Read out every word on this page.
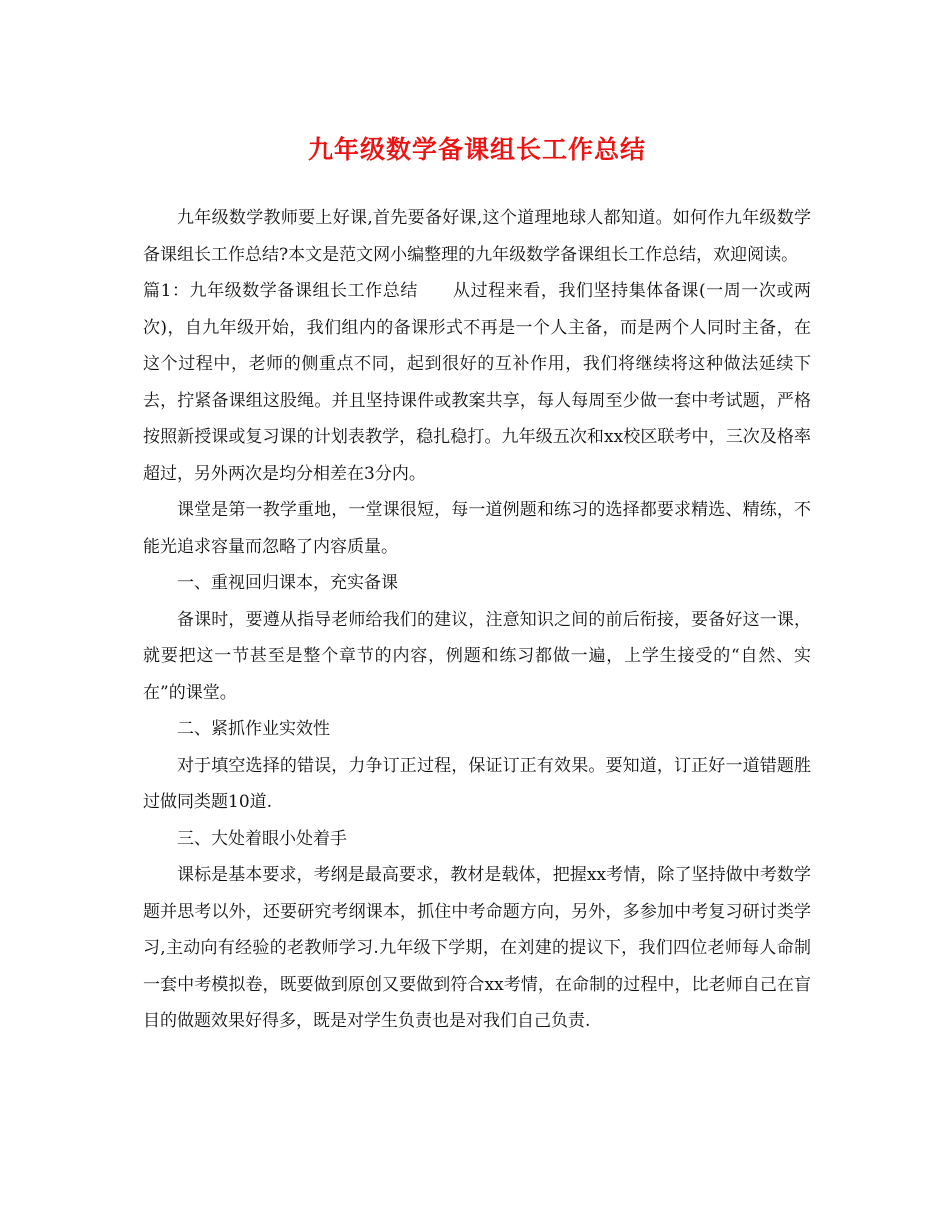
九年级数学备课组长工作总结

九年级数学教师要上好课,首先要备好课,这个道理地球人都知道。如何作九年级数学备课组长工作总结?本文是范文网小编整理的九年级数学备课组长工作总结，欢迎阅读。

篇1：九年级数学备课组长工作总结　　从过程来看，我们坚持集体备课(一周一次或两次)，自九年级开始，我们组内的备课形式不再是一个人主备，而是两个人同时主备，在这个过程中，老师的侧重点不同，起到很好的互补作用，我们将继续将这种做法延续下去，拧紧备课组这股绳。并且坚持课件或教案共享，每人每周至少做一套中考试题，严格按照新授课或复习课的计划表教学，稳扎稳打。九年级五次和xx校区联考中，三次及格率超过，另外两次是均分相差在3分内。

课堂是第一教学重地，一堂课很短，每一道例题和练习的选择都要求精选、精练，不能光追求容量而忽略了内容质量。

一、重视回归课本，充实备课

备课时，要遵从指导老师给我们的建议，注意知识之间的前后衔接，要备好这一课，就要把这一节甚至是整个章节的内容，例题和练习都做一遍，上学生接受的“自然、实在”的课堂。

二、紧抓作业实效性

对于填空选择的错误，力争订正过程，保证订正有效果。要知道，订正好一道错题胜过做同类题10道.

三、大处着眼小处着手

课标是基本要求，考纲是最高要求，教材是载体，把握xx考情，除了坚持做中考数学题并思考以外，还要研究考纲课本，抓住中考命题方向，另外，多参加中考复习研讨类学习,主动向有经验的老教师学习.九年级下学期，在刘建的提议下，我们四位老师每人命制一套中考模拟卷，既要做到原创又要做到符合xx考情，在命制的过程中，比老师自己在盲目的做题效果好得多，既是对学生负责也是对我们自己负责.
